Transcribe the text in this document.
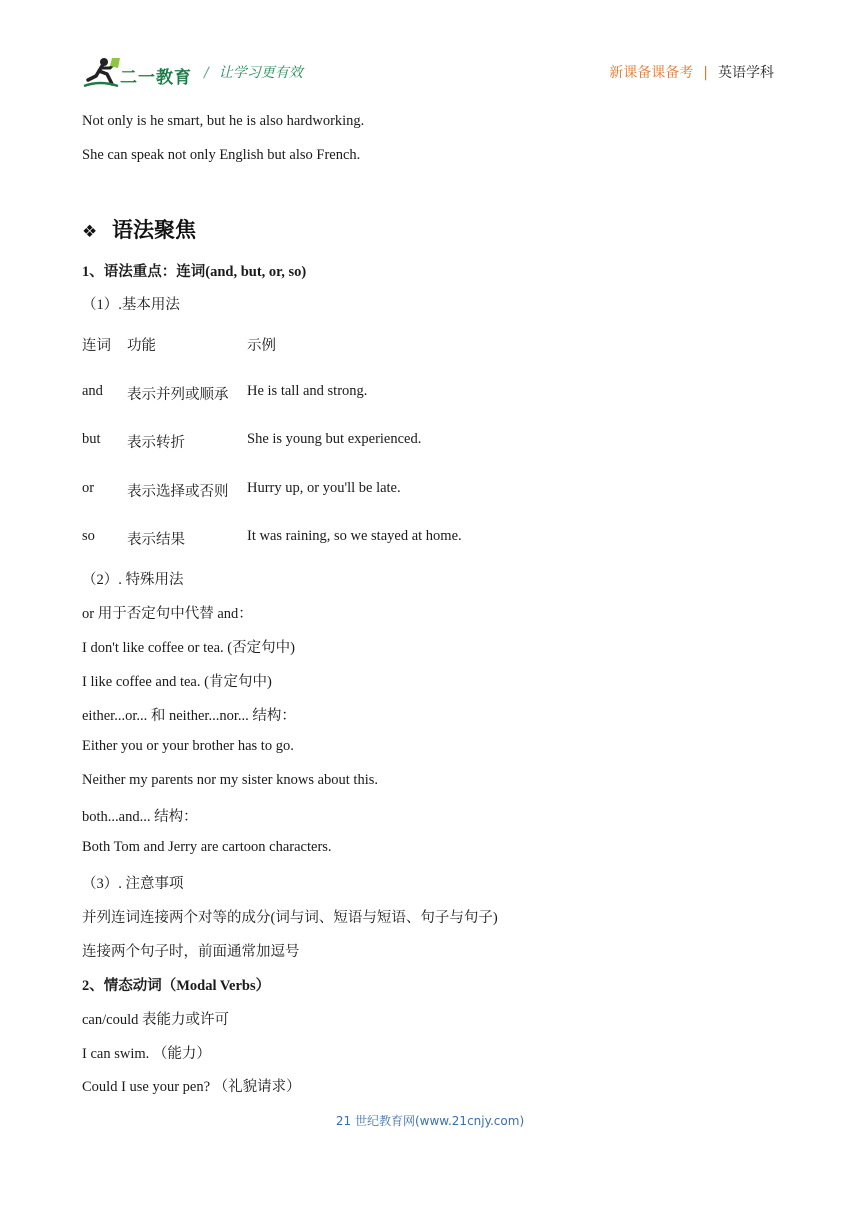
二一教育 / 让学习更有效	新课备课备考 | 英语学科
Not only is he smart, but he is also hardworking.
She can speak not only English but also French.
❖ 语法聚焦
1、语法重点：连词(and, but, or, so)
（1）.基本用法
连词 功能	示例
and 表示并列或顺承 He is tall and strong.
but 表示转折	She is young but experienced.
or 表示选择或否则 Hurry up, or you'll be late.
so 表示结果	It was raining, so we stayed at home.
（2）. 特殊用法
or 用于否定句中代替 and：
I don't like coffee or tea. (否定句中)
I like coffee and tea. (肯定句中)
either...or... 和 neither...nor... 结构：
Either you or your brother has to go.
Neither my parents nor my sister knows about this.
both...and... 结构：
Both Tom and Jerry are cartoon characters.
（3）. 注意事项
并列连词连接两个对等的成分(词与词、短语与短语、句子与句子)
连接两个句子时，前面通常加逗号
2、情态动词（Modal Verbs）
can/could 表能力或许可
I can swim. （能力）
Could I use your pen? （礼貌请求）
21 世纪教育网(www.21cnjy.com)
